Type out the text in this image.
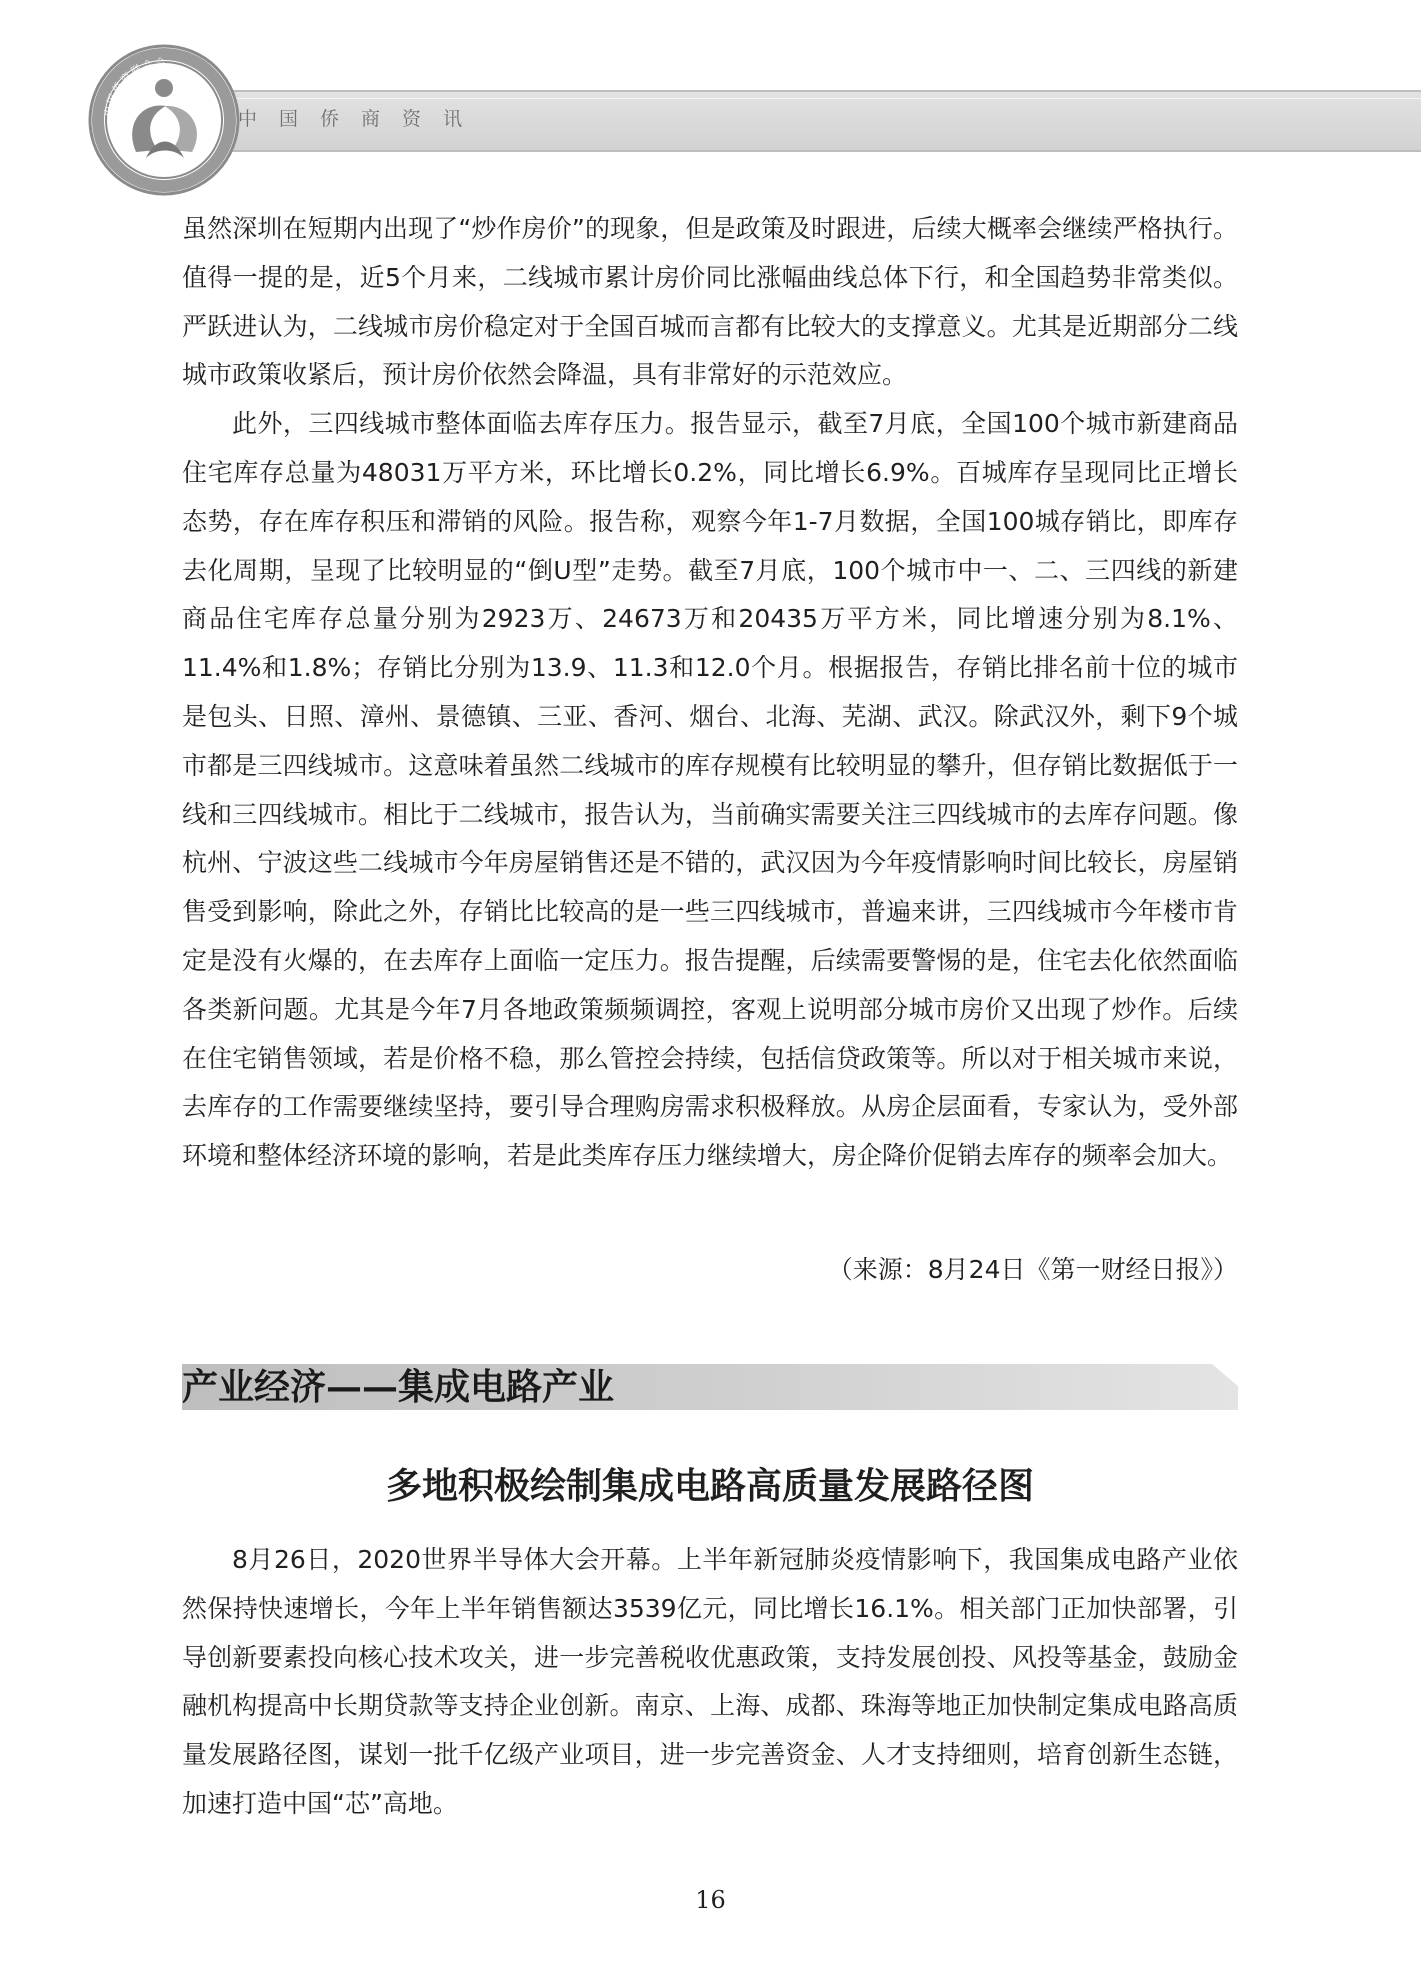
中国侨商联合会
中国侨商资讯

虽然深圳在短期内出现了“炒作房价”的现象，但是政策及时跟进，后续大概率会继续严格执行。值得一提的是，近5个月来，二线城市累计房价同比涨幅曲线总体下行，和全国趋势非常类似。严跃进认为，二线城市房价稳定对于全国百城而言都有比较大的支撑意义。尤其是近期部分二线城市政策收紧后，预计房价依然会降温，具有非常好的示范效应。

此外，三四线城市整体面临去库存压力。报告显示，截至7月底，全国100个城市新建商品住宅库存总量为48031万平方米，环比增长0.2%，同比增长6.9%。百城库存呈现同比正增长态势，存在库存积压和滞销的风险。报告称，观察今年1-7月数据，全国100城存销比，即库存去化周期，呈现了比较明显的“倒U型”走势。截至7月底，100个城市中一、二、三四线的新建商品住宅库存总量分别为2923万、24673万和20435万平方米，同比增速分别为8.1%、11.4%和1.8%；存销比分别为13.9、11.3和12.0个月。根据报告，存销比排名前十位的城市是包头、日照、漳州、景德镇、三亚、香河、烟台、北海、芜湖、武汉。除武汉外，剩下9个城市都是三四线城市。这意味着虽然二线城市的库存规模有比较明显的攀升，但存销比数据低于一线和三四线城市。相比于二线城市，报告认为，当前确实需要关注三四线城市的去库存问题。像杭州、宁波这些二线城市今年房屋销售还是不错的，武汉因为今年疫情影响时间比较长，房屋销售受到影响，除此之外，存销比比较高的是一些三四线城市，普遍来讲，三四线城市今年楼市肯定是没有火爆的，在去库存上面临一定压力。报告提醒，后续需要警惕的是，住宅去化依然面临各类新问题。尤其是今年7月各地政策频频调控，客观上说明部分城市房价又出现了炒作。后续在住宅销售领域，若是价格不稳，那么管控会持续，包括信贷政策等。所以对于相关城市来说，去库存的工作需要继续坚持，要引导合理购房需求积极释放。从房企层面看，专家认为，受外部环境和整体经济环境的影响，若是此类库存压力继续增大，房企降价促销去库存的频率会加大。

（来源：8月24日《第一财经日报》）
产业经济——集成电路产业
多地积极绘制集成电路高质量发展路径图

8月26日，2020世界半导体大会开幕。上半年新冠肺炎疫情影响下，我国集成电路产业依然保持快速增长，今年上半年销售额达3539亿元，同比增长16.1%。相关部门正加快部署，引导创新要素投向核心技术攻关，进一步完善税收优惠政策，支持发展创投、风投等基金，鼓励金融机构提高中长期贷款等支持企业创新。南京、上海、成都、珠海等地正加快制定集成电路高质量发展路径图，谋划一批千亿级产业项目，进一步完善资金、人才支持细则，培育创新生态链，加速打造中国“芯”高地。

16
